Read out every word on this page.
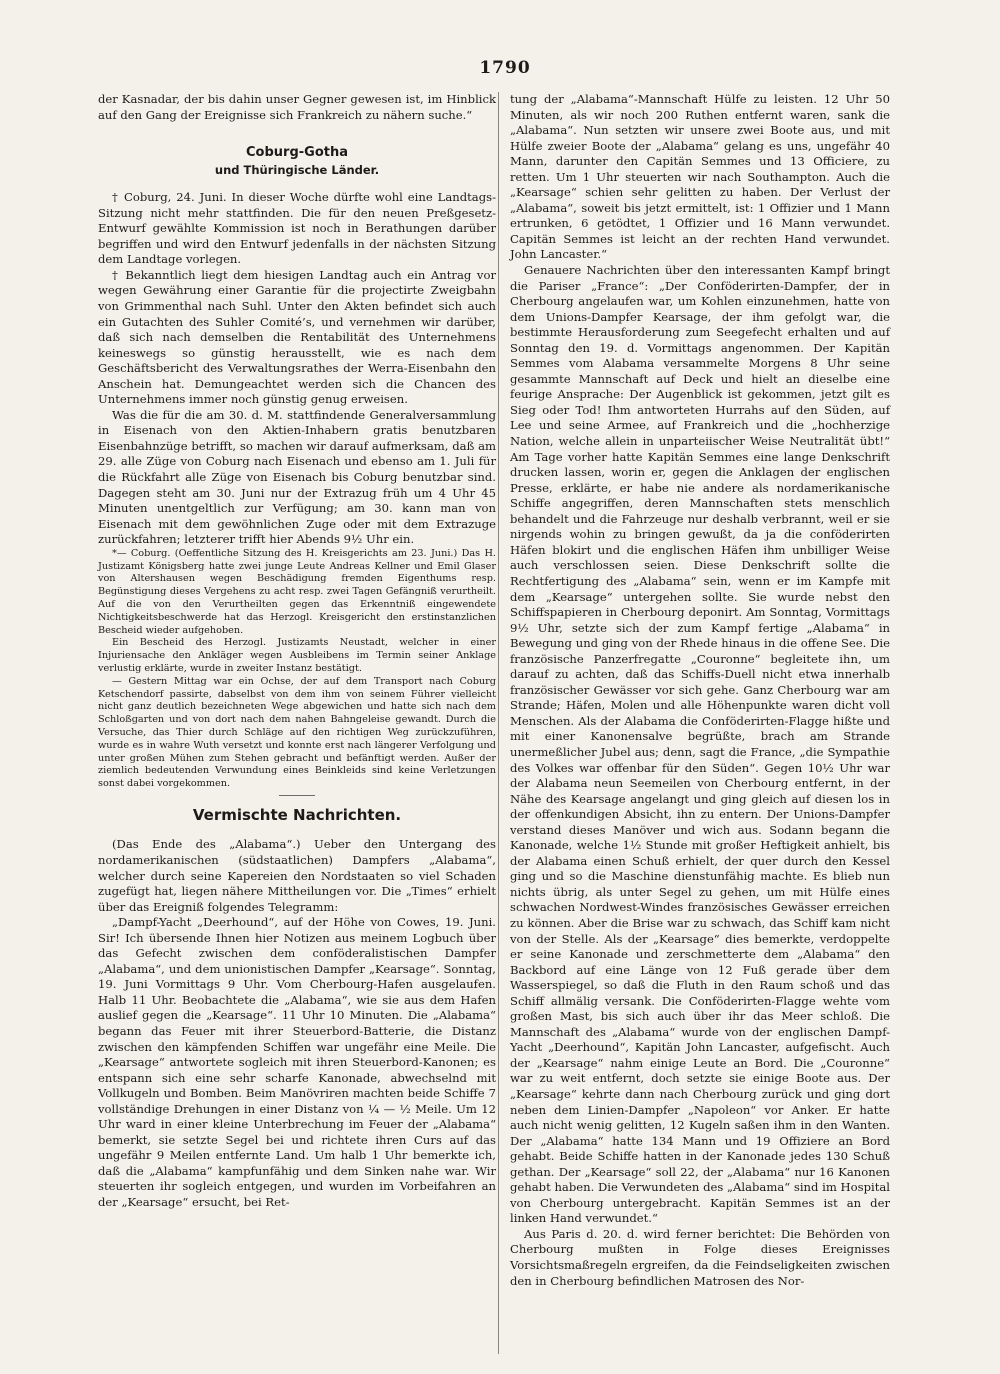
1790

der Kasnadar, der bis dahin unser Gegner gewesen ist, im Hinblick auf den Gang der Ereignisse sich Frankreich zu nähern suche.“

Coburg-Gotha
und Thüringische Länder.

† Coburg, 24. Juni. In dieser Woche dürfte wohl eine Landtags-Sitzung nicht mehr stattfinden. Die für den neuen Preßgesetz-Entwurf gewählte Kommission ist noch in Berathungen darüber begriffen und wird den Entwurf jedenfalls in der nächsten Sitzung dem Landtage vorlegen.

† Bekanntlich liegt dem hiesigen Landtag auch ein Antrag vor wegen Gewährung einer Garantie für die projectirte Zweigbahn von Grimmenthal nach Suhl. Unter den Akten befindet sich auch ein Gutachten des Suhler Comité’s, und vernehmen wir darüber, daß sich nach demselben die Rentabilität des Unternehmens keineswegs so günstig herausstellt, wie es nach dem Geschäftsbericht des Verwaltungsrathes der Werra-Eisenbahn den Anschein hat. Demungeachtet werden sich die Chancen des Unternehmens immer noch günstig genug erweisen.

Was die für die am 30. d. M. stattfindende Generalversammlung in Eisenach von den Aktien-Inhabern gratis benutzbaren Eisenbahnzüge betrifft, so machen wir darauf aufmerksam, daß am 29. alle Züge von Coburg nach Eisenach und ebenso am 1. Juli für die Rückfahrt alle Züge von Eisenach bis Coburg benutzbar sind. Dagegen steht am 30. Juni nur der Extrazug früh um 4 Uhr 45 Minuten unentgeltlich zur Verfügung; am 30. kann man von Eisenach mit dem gewöhnlichen Zuge oder mit dem Extrazuge zurückfahren; letzterer trifft hier Abends 9½ Uhr ein.

*— Coburg. (Oeffentliche Sitzung des H. Kreisgerichts am 23. Juni.) Das H. Justizamt Königsberg hatte zwei junge Leute Andreas Kellner und Emil Glaser von Altershausen wegen Beschädigung fremden Eigenthums resp. Begünstigung dieses Vergehens zu acht resp. zwei Tagen Gefängniß verurtheilt. Auf die von den Verurtheilten gegen das Erkenntniß eingewendete Nichtigkeitsbeschwerde hat das Herzogl. Kreisgericht den erstinstanzlichen Bescheid wieder aufgehoben.

Ein Bescheid des Herzogl. Justizamts Neustadt, welcher in einer Injuriensache den Ankläger wegen Ausbleibens im Termin seiner Anklage verlustig erklärte, wurde in zweiter Instanz bestätigt.

— Gestern Mittag war ein Ochse, der auf dem Transport nach Coburg Ketschendorf passirte, dabselbst von dem ihm von seinem Führer vielleicht nicht ganz deutlich bezeichneten Wege abgewichen und hatte sich nach dem Schloßgarten und von dort nach dem nahen Bahngeleise gewandt. Durch die Versuche, das Thier durch Schläge auf den richtigen Weg zurückzuführen, wurde es in wahre Wuth versetzt und konnte erst nach längerer Verfolgung und unter großen Mühen zum Stehen gebracht und befänftigt werden. Außer der ziemlich bedeutenden Verwundung eines Beinkleids sind keine Verletzungen sonst dabei vorgekommen.

Vermischte Nachrichten.

(Das Ende des „Alabama“.) Ueber den Untergang des nordamerikanischen (südstaatlichen) Dampfers „Alabama“, welcher durch seine Kapereien den Nordstaaten so viel Schaden zugefügt hat, liegen nähere Mittheilungen vor. Die „Times“ erhielt über das Ereigniß folgendes Telegramm:

„Dampf-Yacht „Deerhound“, auf der Höhe von Cowes, 19. Juni. Sir! Ich übersende Ihnen hier Notizen aus meinem Logbuch über das Gefecht zwischen dem conföderalistischen Dampfer „Alabama“, und dem unionistischen Dampfer „Kearsage“. Sonntag, 19. Juni Vormittags 9 Uhr. Vom Cherbourg-Hafen ausgelaufen. Halb 11 Uhr. Beobachtete die „Alabama“, wie sie aus dem Hafen auslief gegen die „Kearsage“. 11 Uhr 10 Minuten. Die „Alabama“ begann das Feuer mit ihrer Steuerbord-Batterie, die Distanz zwischen den kämpfenden Schiffen war ungefähr eine Meile. Die „Kearsage“ antwortete sogleich mit ihren Steuerbord-Kanonen; es entspann sich eine sehr scharfe Kanonade, abwechselnd mit Vollkugeln und Bomben. Beim Manövriren machten beide Schiffe 7 vollständige Drehungen in einer Distanz von ¼ — ½ Meile. Um 12 Uhr ward in einer kleine Unterbrechung im Feuer der „Alabama“ bemerkt, sie setzte Segel bei und richtete ihren Curs auf das ungefähr 9 Meilen entfernte Land. Um halb 1 Uhr bemerkte ich, daß die „Alabama“ kampfunfähig und dem Sinken nahe war. Wir steuerten ihr sogleich entgegen, und wurden im Vorbeifahren an der „Kearsage“ ersucht, bei Ret-

tung der „Alabama“-Mannschaft Hülfe zu leisten. 12 Uhr 50 Minuten, als wir noch 200 Ruthen entfernt waren, sank die „Alabama“. Nun setzten wir unsere zwei Boote aus, und mit Hülfe zweier Boote der „Alabama“ gelang es uns, ungefähr 40 Mann, darunter den Capitän Semmes und 13 Officiere, zu retten. Um 1 Uhr steuerten wir nach Southampton. Auch die „Kearsage“ schien sehr gelitten zu haben. Der Verlust der „Alabama“, soweit bis jetzt ermittelt, ist: 1 Offizier und 1 Mann ertrunken, 6 getödtet, 1 Offizier und 16 Mann verwundet. Capitän Semmes ist leicht an der rechten Hand verwundet. John Lancaster.“

Genauere Nachrichten über den interessanten Kampf bringt die Pariser „France“: „Der Conföderirten-Dampfer, der in Cherbourg angelaufen war, um Kohlen einzunehmen, hatte von dem Unions-Dampfer Kearsage, der ihm gefolgt war, die bestimmte Herausforderung zum Seegefecht erhalten und auf Sonntag den 19. d. Vormittags angenommen. Der Kapitän Semmes vom Alabama versammelte Morgens 8 Uhr seine gesammte Mannschaft auf Deck und hielt an dieselbe eine feurige Ansprache: Der Augenblick ist gekommen, jetzt gilt es Sieg oder Tod! Ihm antworteten Hurrahs auf den Süden, auf Lee und seine Armee, auf Frankreich und die „hochherzige Nation, welche allein in unparteiischer Weise Neutralität übt!“ Am Tage vorher hatte Kapitän Semmes eine lange Denkschrift drucken lassen, worin er, gegen die Anklagen der englischen Presse, erklärte, er habe nie andere als nordamerikanische Schiffe angegriffen, deren Mannschaften stets menschlich behandelt und die Fahrzeuge nur deshalb verbrannt, weil er sie nirgends wohin zu bringen gewußt, da ja die conföderirten Häfen blokirt und die englischen Häfen ihm unbilliger Weise auch verschlossen seien. Diese Denkschrift sollte die Rechtfertigung des „Alabama“ sein, wenn er im Kampfe mit dem „Kearsage“ untergehen sollte. Sie wurde nebst den Schiffspapieren in Cherbourg deponirt. Am Sonntag, Vormittags 9½ Uhr, setzte sich der zum Kampf fertige „Alabama“ in Bewegung und ging von der Rhede hinaus in die offene See. Die französische Panzerfregatte „Couronne“ begleitete ihn, um darauf zu achten, daß das Schiffs-Duell nicht etwa innerhalb französischer Gewässer vor sich gehe. Ganz Cherbourg war am Strande; Häfen, Molen und alle Höhenpunkte waren dicht voll Menschen. Als der Alabama die Conföderirten-Flagge hißte und mit einer Kanonensalve begrüßte, brach am Strande unermeßlicher Jubel aus; denn, sagt die France, „die Sympathie des Volkes war offenbar für den Süden“. Gegen 10½ Uhr war der Alabama neun Seemeilen von Cherbourg entfernt, in der Nähe des Kearsage angelangt und ging gleich auf diesen los in der offenkundigen Absicht, ihn zu entern. Der Unions-Dampfer verstand dieses Manöver und wich aus. Sodann begann die Kanonade, welche 1½ Stunde mit großer Heftigkeit anhielt, bis der Alabama einen Schuß erhielt, der quer durch den Kessel ging und so die Maschine dienstunfähig machte. Es blieb nun nichts übrig, als unter Segel zu gehen, um mit Hülfe eines schwachen Nordwest-Windes französisches Gewässer erreichen zu können. Aber die Brise war zu schwach, das Schiff kam nicht von der Stelle. Als der „Kearsage“ dies bemerkte, verdoppelte er seine Kanonade und zerschmetterte dem „Alabama“ den Backbord auf eine Länge von 12 Fuß gerade über dem Wasserspiegel, so daß die Fluth in den Raum schoß und das Schiff allmälig versank. Die Conföderirten-Flagge wehte vom großen Mast, bis sich auch über ihr das Meer schloß. Die Mannschaft des „Alabama“ wurde von der englischen Dampf-Yacht „Deerhound“, Kapitän John Lancaster, aufgefischt. Auch der „Kearsage“ nahm einige Leute an Bord. Die „Couronne“ war zu weit entfernt, doch setzte sie einige Boote aus. Der „Kearsage“ kehrte dann nach Cherbourg zurück und ging dort neben dem Linien-Dampfer „Napoleon“ vor Anker. Er hatte auch nicht wenig gelitten, 12 Kugeln saßen ihm in den Wanten. Der „Alabama“ hatte 134 Mann und 19 Offiziere an Bord gehabt. Beide Schiffe hatten in der Kanonade jedes 130 Schuß gethan. Der „Kearsage“ soll 22, der „Alabama“ nur 16 Kanonen gehabt haben. Die Verwundeten des „Alabama“ sind im Hospital von Cherbourg untergebracht. Kapitän Semmes ist an der linken Hand verwundet.“

Aus Paris d. 20. d. wird ferner berichtet: Die Behörden von Cherbourg mußten in Folge dieses Ereignisses Vorsichtsmaßregeln ergreifen, da die Feindseligkeiten zwischen den in Cherbourg befindlichen Matrosen des Nor-
